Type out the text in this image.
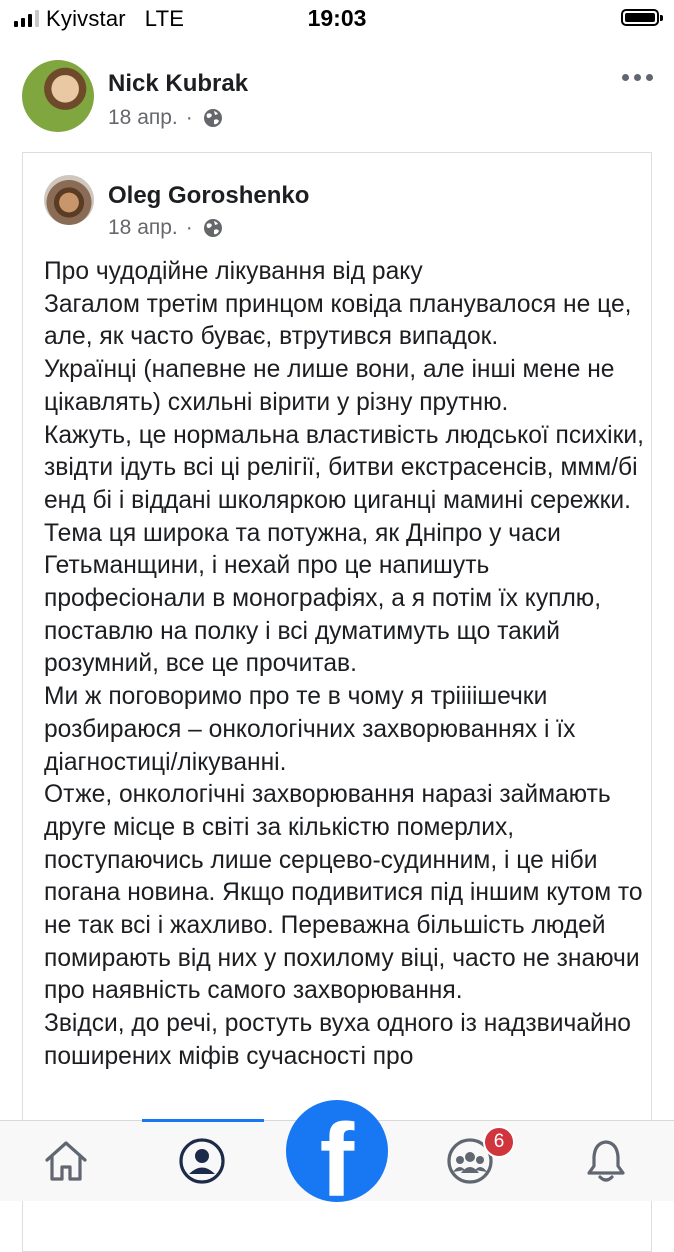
Kyivstar LTE	19:03
Nick Kubrak
18 апр. ·
Oleg Goroshenko
18 апр. ·
Про чудодійне лікування від раку
Загалом третім принцом ковіда планувалося не це, але, як часто буває, втрутився випадок.
Українці (напевне не лише вони, але інші мене не цікавлять) схильні вірити у різну прутню.
Кажуть, це нормальна властивість людської психіки, звідти ідуть всі ці релігії, битви екстрасенсів, ммм/бі енд бі і віддані школяркою циганці мамині сережки.
Тема ця широка та потужна, як Дніпро у часи Гетьманщини, і нехай про це напишуть професіонали в монографіях, а я потім їх куплю, поставлю на полку і всі думатимуть що такий розумний, все це прочитав.
Ми ж поговоримо про те в чому я тріііішечки розбираюся – онкологічних захворюваннях і їх діагностиці/лікуванні.
Отже, онкологічні захворювання наразі займають друге місце в світі за кількістю померлих, поступаючись лише серцево-судинним, і це ніби погана новина. Якщо подивитися під іншим кутом то не так всі і жахливо. Переважна більшість людей помирають від них у похилому віці, часто не знаючи про наявність самого захворювання.
Звідси, до речі, ростуть вуха одного із надзвичайно поширених міфів сучасності про
f	6
